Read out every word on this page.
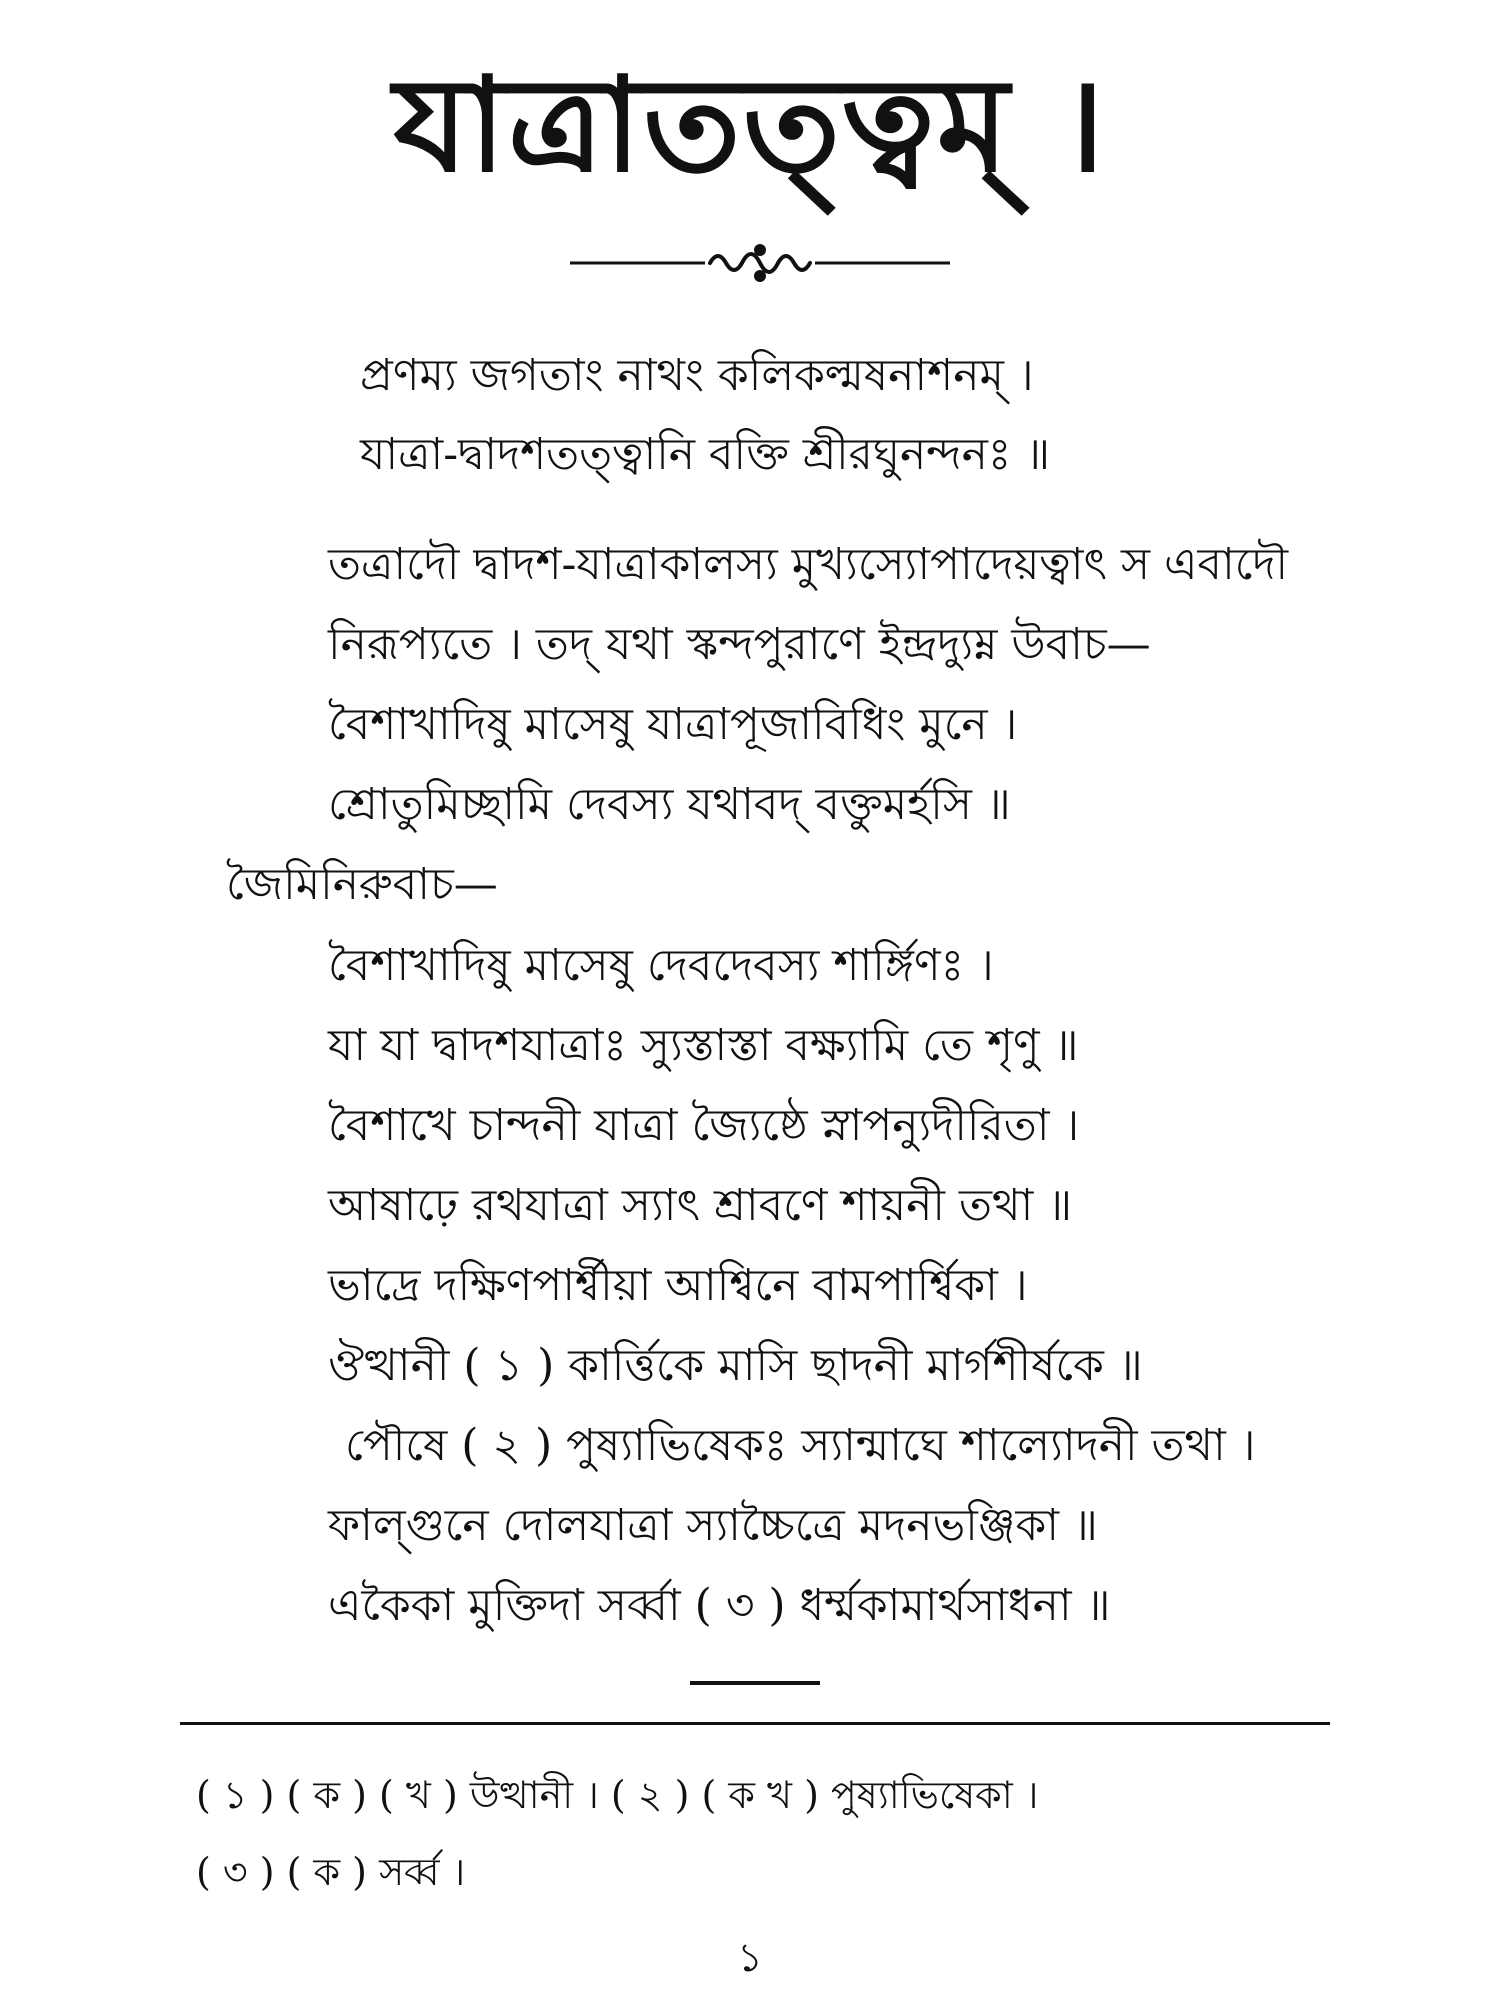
যাত্রাতত্ত্বম্ ।
প্রণম্য জগতাং নাথং কলিকল্মষনাশনম্ ।
যাত্রা-দ্বাদশতত্ত্বানি বক্তি শ্রীরঘুনন্দনঃ ॥
তত্রাদৌ দ্বাদশ-যাত্রাকালস্য মুখ্যস্যোপাদেয়ত্বাৎ স এবাদৌ
নিরূপ্যতে । তদ্ যথা স্কন্দপুরাণে ইন্দ্রদ্যুম্ন উবাচ—
বৈশাখাদিষু মাসেষু যাত্রাপূজাবিধিং মুনে ।
শ্রোতুমিচ্ছামি দেবস্য যথাবদ্ বক্তুমর্হসি ॥
জৈমিনিরুবাচ—
বৈশাখাদিষু মাসেষু দেবদেবস্য শার্ঙ্গিণঃ ।
যা যা দ্বাদশযাত্রাঃ স্যুস্তাস্তা বক্ষ্যামি তে শৃণু ॥
বৈশাখে চান্দনী যাত্রা জ্যৈষ্ঠে স্নাপন্যুদীরিতা ।
আষাঢ়ে রথযাত্রা স্যাৎ শ্রাবণে শায়নী তথা ॥
ভাদ্রে দক্ষিণপার্শ্বীয়া আশ্বিনে বামপার্শ্বিকা ।
ঔত্থানী ( ১ ) কার্ত্তিকে মাসি ছাদনী মার্গশীর্ষকে ॥
পৌষে ( ২ ) পুষ্যাভিষেকঃ স্যান্মাঘে শাল্যোদনী তথা ।
ফাল্গুনে দোলযাত্রা স্যাচ্চৈত্রে মদনভঞ্জিকা ॥
একৈকা মুক্তিদা সর্ব্বা ( ৩ ) ধর্ম্মকামার্থসাধনা ॥
( ১ ) ( ক ) ( খ ) উত্থানী । ( ২ ) ( ক খ ) পুষ্যাভিষেকা ।
( ৩ ) ( ক ) সর্ব্ব ।
১
